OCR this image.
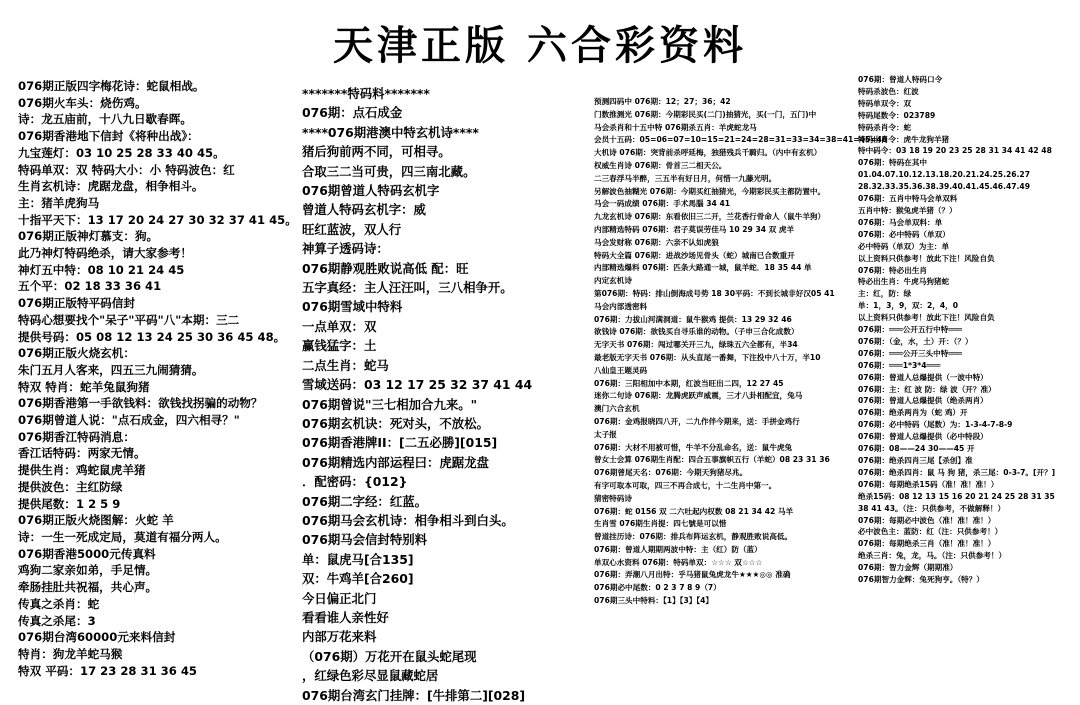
天津正版 六合彩资料
076期正版四字梅花诗：蛇鼠相战。
076期火车头：烧伤鸡。
诗：龙五庙前，十八九日歇春晖。
076期香港地下信封《将种出战》：
九宝莲灯：03 10 25 28 33 40 45。
特码单双：双 特码大小：小 特码波色：红
生肖玄机诗：虎踞龙盘，相争相斗。
主：猪羊虎狗马
十指平天下：13 17 20 24 27 30 32 37 41 45。
076期正版神灯慕支：狗。
此乃神灯特码绝杀，请大家参考！
神灯五中特：08 10 21 24 45
五个平：02 18 33 36 41
076期正版特平码信封
特码心想要找个"呆子"平码"八"本期：三二
提供号码：05 08 12 13 24 25 30 36 45 48。
076期正版火烧玄机：
朱门五月人客来，四五三九闹猜猜。
特双 特肖：蛇羊兔鼠狗猪
076期香港第一手欲钱料：欲钱找拐骗的动物？
076期曾道人说："点石成金，四六相寻？"
076期香江特码消息：
香江话特码：两家无情。
提供生肖：鸡蛇鼠虎羊猪
提供波色：主红防绿
提供尾数：1 2 5 9
076期正版火烧图解：火蛇 羊
诗：一生一死成定局，莫道有福分两人。
076期香港5000元传真料
鸡狗二家亲如弟，手足情。
牵肠挂肚共祝福，共心声。
传真之杀肖：蛇
传真之杀尾：3
076期台湾60000元来料信封
特肖：狗龙羊蛇马猴
特双 平码：17 23 28 31 36 45
*******特码料*******
076期：点石成金
****076期港澳中特玄机诗****
猪后狗前两不同，可相寻。
合取三二当可贵，四三南北藏。
076期曾道人特码玄机字
曾道人特码玄机字：威
旺红蓝波，双人行
神算子透码诗：
076期静观胜败说高低 配：旺
五字真经：主人汪汪叫，三八相争开。
076期雪域中特料
一点单双：双
赢钱猛字：土
二点生肖：蛇马
雪域送码：03 12 17 25 32 37 41 44
076期曾说"三七相加合九来。"
076期玄机诀：死对头，不放松。
076期香港牌II：[二五必勝][015]
076期精选内部运程曰：虎踞龙盘
．配密码：{012}
076期二字经：红蓝。
076期马会玄机诗：相争相斗到白头。
076期马会信封特别料
单：鼠虎马[合135]
双：牛鸡羊[合260]
今日偏正北门
看看谁人亲性好
内部万花来料
（076期）万花开在鼠头蛇尾现
，红绿色彩尽显鼠藏蛇居
076期台湾玄门挂牌：[牛排第二][028]
预测四码中 076期：12；27；36；42
门数推测光 076期：今期彩民买(二门)抽猜光，买(一门，五门)中
马会杀肖和十五中特 076期杀五肖：羊虎蛇龙马
会员十五码：05=06=07=10=15=21=24=28=31=33=34=38=41=45=48
大机诗 076期：突背前杀呼延梅，独猎残兵千騎归。（内中有玄机）
权威生肖诗 076期：骨首三二相天公。
二三春浮马半醉，三五半有好日月，何惜一九藤光明。
另解波色抽糊光 076期：今期买红抽猜光，今期彩民买主都防置中。
马会一码成绩 076期：手术馬腦 34 41
九龙玄机诗 076期：东看依旧三二开，兰花香行骨命人（鼠牛羊狗）
内部精选特码 076期：君子莫误劳佳马 10 29 34 双 虎羊
马会发财称 076期：六亲不认如虎狼
特码大全篇 076期：进战沙场见骨头（蛇）城南已合数重开
内部精选爆料 076期：匹条大路通一城，鼠羊蛇．18 35 44 单
内定玄机诗
第076期：特码：排山倒海成号势 18 30平码：不到长城非好汉05 41
马会内部透密料
076期：力拔山河满洞道：鼠牛猴鸡 提供：13 29 32 46
欲钱诗 076期：欲钱买自寻乐谁的动物。（子申三合化成数）
无字天书 076期：闯过哪关开三九，绿珠五六全都有，半34
最老版无字天书 076期：从头直尾一番舞，下注投中八十万，半10
八仙皇王题灵码
076期：三阳相加中本期，红波当旺出二四，12 27 45
迷你二句诗 076期：龙腾虎跃声威震，三才八卦相配宜，兔马
澳门六合玄机
076期：金鸡报晓四八开，二九作伴今期来，送：手拼金鸡行
太子报
076期：大材不用被可惜，牛羊不分乱命名，送：鼠牛虎兔
曾女士会算 076期生肖配：四合五事旗帜五行（羊蛇）08 23 31 36
076期曾尾天名：076期：今期天狗猪尽兆。
有字可取本可取，四三不再合成七，十二生肖中第一。
猜密特码诗
076期：蛇 0156 双 二六吐起内权数 08 21 34 42 马羊
生肖雪 076期生肖提：四七號是可以惜
曾道挂历诗：076期：排兵布阵运玄机，静观胜败说高低。
076期：曾道人期期两波中特：主（红）防（蓝）
单双心水资料 076期：特码单双：☆☆☆ 双☆☆☆
076期：弄潮八月出特：乎马猪鼠兔虎龙牛★★★◎◎ 准确
076期必中尾数：0 2 3 7 8 9（7）
076期三头中特料：【1】【3】【4】
076期：曾道人特码口令
特码杀波色：红波
特码单双令：双
特码尾数令：023789
特码杀肖令：蛇
特码出肖令：虎牛龙狗羊猪
特中码令：03 18 19 20 23 25 28 31 34 41 42 48
076期：特码在其中
01.04.07.10.12.13.18.20.21.24.25.26.27
28.32.33.35.36.38.39.40.41.45.46.47.49
076期：五肖中特马会单双料
五肖中特：猴兔虎羊猪（？）
076期：马会单双料：单
076期：必中特码（单双）
必中特码（单双）为主：单
以上资料只供参考！放此下注！风险自负
076期：特必出生肖
特必出生肖：牛虎马狗猪蛇
主：红，防：绿
单：1，3，9，双：2，4，0
以上资料只供参考！放此下注！风险自负
076期：═══公开五行中特═══
076期：（金，水，土）开：（？）
076期：═══公开三头中特═══
076期：═══1*3*4═══
076期：曾道人总爆提供（一波中特）
076期：主：红 波 防：绿 波（开？准）
076期：曾道人总爆提供（绝杀两肖）
076期：绝杀两肖为（蛇 鸡）开
076期：必中特码（尾数）为：1-3-4-7-8-9
076期：曾道人总爆提供（必中特段）
076期：08——24 30——45 开
076期：绝杀四肖三尾【杀创】准
076期：绝杀四肖：鼠 马 狗 猪，杀三尾：0-3-7。[开？]
076期：每期绝杀15码（准！准！准！）
绝杀15码：08 12 13 15 16 20 21 24 25 28 31 35
38 41 43。（注：只供参考，不做解释！）
076期：每期必中波色（准！准！准！）
必中波色主：蓝防：红（注：只供参考！）
076期：每期绝杀三肖（准！准！准！）
绝杀三肖：兔，龙，马。（注：只供参考！）
076期：智力金辉（期期准）
076期智力金辉：兔死狗亨。（特？）
